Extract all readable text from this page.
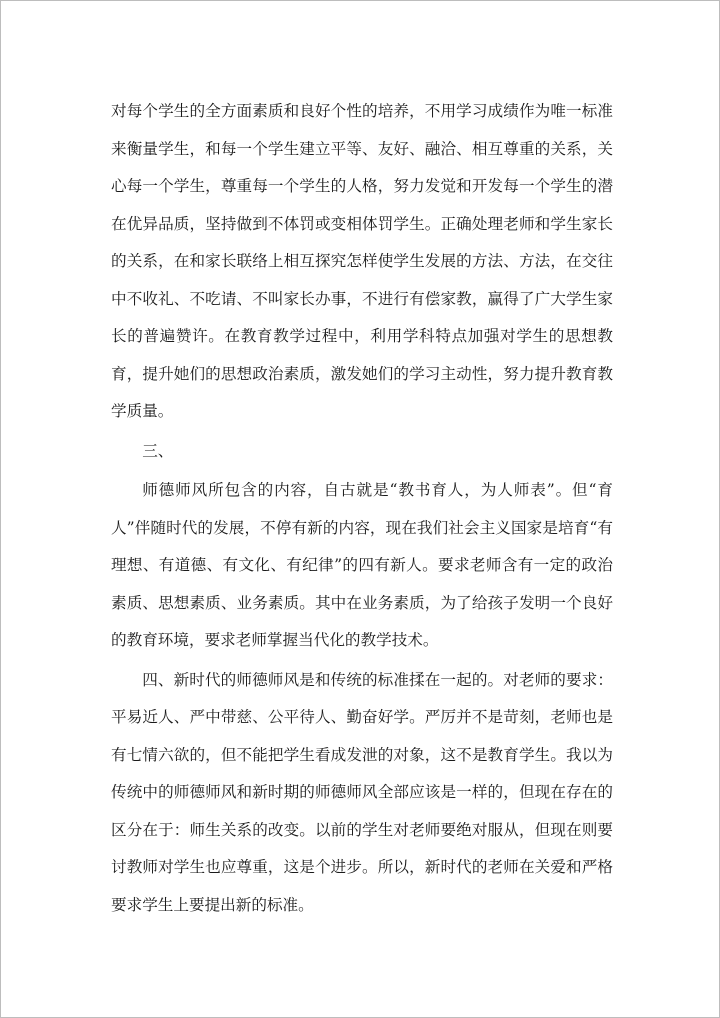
对每个学生的全方面素质和良好个性的培养，不用学习成绩作为唯一标准来衡量学生，和每一个学生建立平等、友好、融洽、相互尊重的关系，关心每一个学生，尊重每一个学生的人格，努力发觉和开发每一个学生的潜在优异品质，坚持做到不体罚或变相体罚学生。正确处理老师和学生家长的关系，在和家长联络上相互探究怎样使学生发展的方法、方法，在交往中不收礼、不吃请、不叫家长办事，不进行有偿家教，赢得了广大学生家长的普遍赞许。在教育教学过程中，利用学科特点加强对学生的思想教育，提升她们的思想政治素质，激发她们的学习主动性，努力提升教育教学质量。

三、

师德师风所包含的内容，自古就是“教书育人，为人师表”。但“育人”伴随时代的发展，不停有新的内容，现在我们社会主义国家是培育“有理想、有道德、有文化、有纪律”的四有新人。要求老师含有一定的政治素质、思想素质、业务素质。其中在业务素质，为了给孩子发明一个良好的教育环境，要求老师掌握当代化的教学技术。

四、新时代的师德师风是和传统的标准揉在一起的。对老师的要求：平易近人、严中带慈、公平待人、勤奋好学。严厉并不是苛刻，老师也是有七情六欲的，但不能把学生看成发泄的对象，这不是教育学生。我以为传统中的师德师风和新时期的师德师风全部应该是一样的，但现在存在的区分在于：师生关系的改变。以前的学生对老师要绝对服从，但现在则要讨教师对学生也应尊重，这是个进步。所以，新时代的老师在关爱和严格要求学生上要提出新的标准。
